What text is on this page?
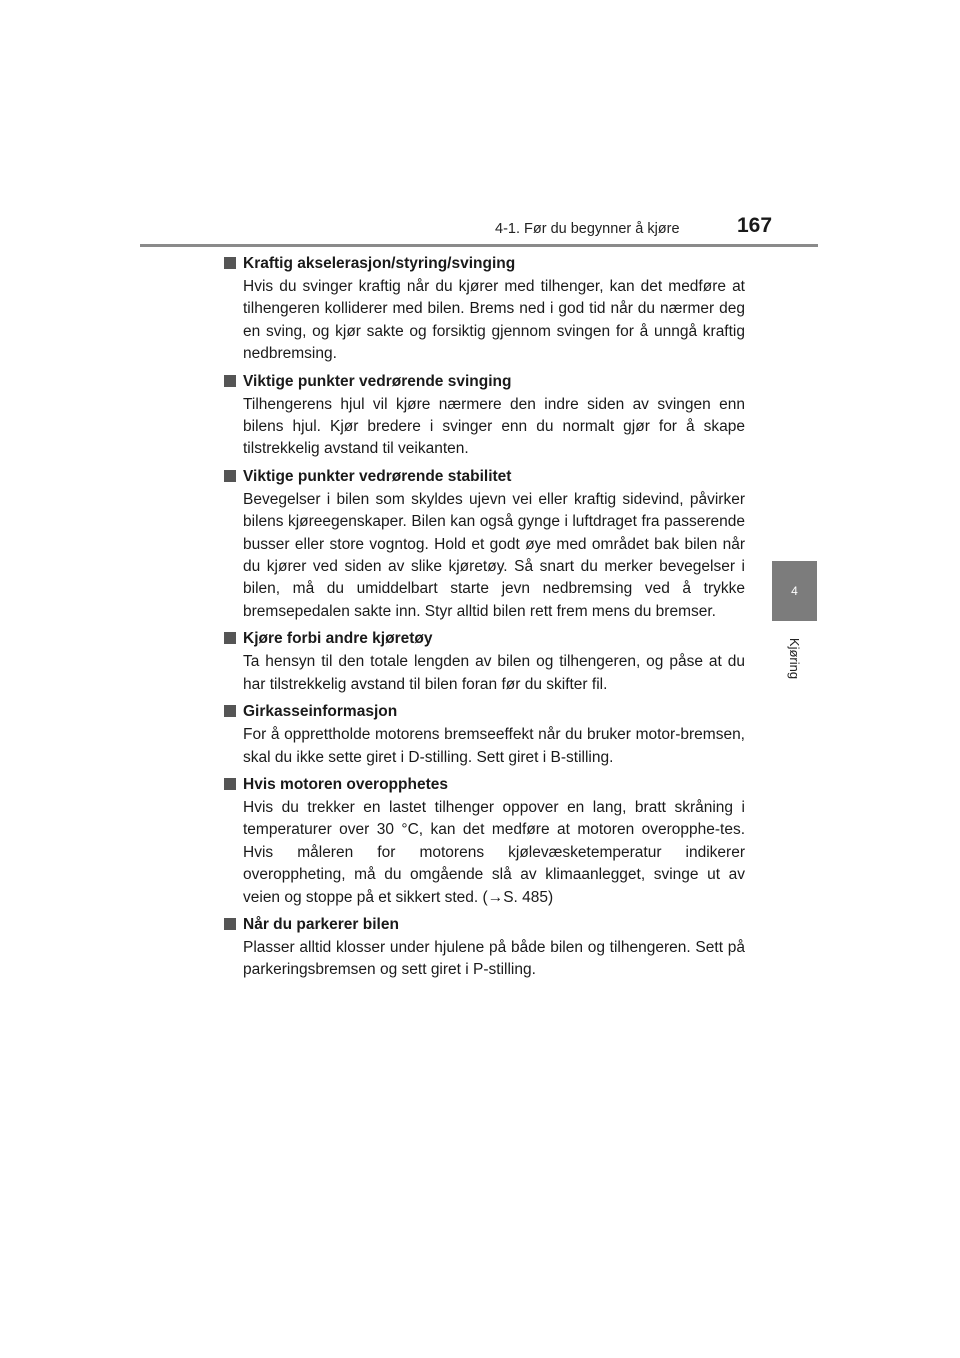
4-1. Før du begynner å kjøre	167
4
Kjøring
Kraftig akselerasjon/styring/svinging
Hvis du svinger kraftig når du kjører med tilhenger, kan det medføre at tilhengeren kolliderer med bilen. Brems ned i god tid når du nærmer deg en sving, og kjør sakte og forsiktig gjennom svingen for å unngå kraftig nedbremsing.
Viktige punkter vedrørende svinging
Tilhengerens hjul vil kjøre nærmere den indre siden av svingen enn bilens hjul. Kjør bredere i svinger enn du normalt gjør for å skape tilstrekkelig avstand til veikanten.
Viktige punkter vedrørende stabilitet
Bevegelser i bilen som skyldes ujevn vei eller kraftig sidevind, påvirker bilens kjøreegenskaper. Bilen kan også gynge i luftdraget fra passerende busser eller store vogntog. Hold et godt øye med området bak bilen når du kjører ved siden av slike kjøretøy. Så snart du merker bevegelser i bilen, må du umiddelbart starte jevn nedbremsing ved å trykke bremsepedalen sakte inn. Styr alltid bilen rett frem mens du bremser.
Kjøre forbi andre kjøretøy
Ta hensyn til den totale lengden av bilen og tilhengeren, og påse at du har tilstrekkelig avstand til bilen foran før du skifter fil.
Girkasseinformasjon
For å opprettholde motorens bremseeffekt når du bruker motor-bremsen, skal du ikke sette giret i D-stilling. Sett giret i B-stilling.
Hvis motoren overopphetes
Hvis du trekker en lastet tilhenger oppover en lang, bratt skråning i temperaturer over 30 °C, kan det medføre at motoren overopphe-tes. Hvis måleren for motorens kjølevæsketemperatur indikerer overoppheting, må du omgående slå av klimaanlegget, svinge ut av veien og stoppe på et sikkert sted. (→S. 485)
Når du parkerer bilen
Plasser alltid klosser under hjulene på både bilen og tilhengeren. Sett på parkeringsbremsen og sett giret i P-stilling.
